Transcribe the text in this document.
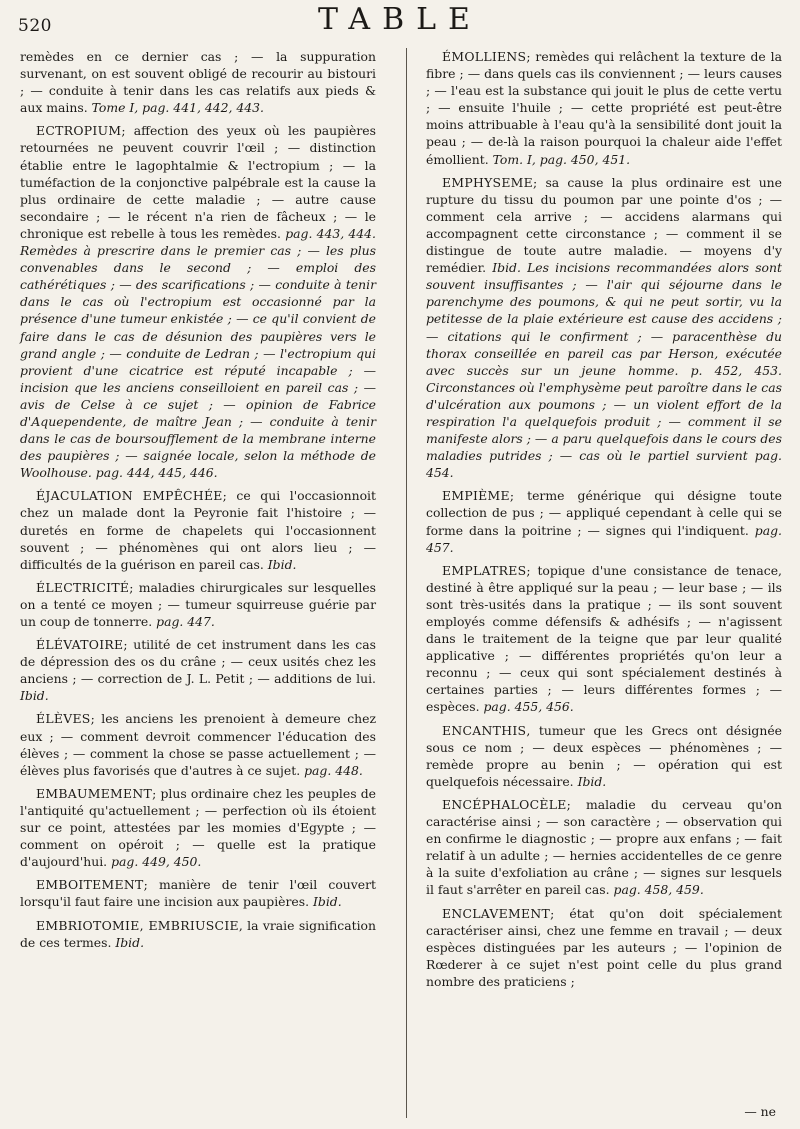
520	TABLE

remèdes en ce dernier cas ; — la suppuration survenant, on est souvent obligé de recourir au bistouri ; — conduite à tenir dans les cas relatifs aux pieds & aux mains. Tome I, pag. 441, 442, 443.

ECTROPIUM; affection des yeux où les paupières retournées ne peuvent couvrir l'œil ; — distinction établie entre le lagophtalmie & l'ectropium ; — la tuméfaction de la conjonctive palpébrale est la cause la plus ordinaire de cette maladie ; — autre cause secondaire ; — le récent n'a rien de fâcheux ; — le chronique est rebelle à tous les remèdes. pag. 443, 444. Remèdes à prescrire dans le premier cas ; — les plus convenables dans le second ; — emploi des cathérétiques ; — des scarifications ; — conduite à tenir dans le cas où l'ectropium est occasionné par la présence d'une tumeur enkistée ; — ce qu'il convient de faire dans le cas de désunion des paupières vers le grand angle ; — conduite de Ledran ; — l'ectropium qui provient d'une cicatrice est réputé incapable ; — incision que les anciens conseilloient en pareil cas ; — avis de Celse à ce sujet ; — opinion de Fabrice d'Aquependente, de maître Jean ; — conduite à tenir dans le cas de boursoufflement de la membrane interne des paupières ; — saignée locale, selon la méthode de Woolhouse. pag. 444, 445, 446.

ÉJACULATION EMPÊCHÉE; ce qui l'occasionnoit chez un malade dont la Peyronie fait l'histoire ; — duretés en forme de chapelets qui l'occasionnent souvent ; — phénomènes qui ont alors lieu ; — difficultés de la guérison en pareil cas. Ibid.

ÉLECTRICITÉ; maladies chirurgicales sur lesquelles on a tenté ce moyen ; — tumeur squirreuse guérie par un coup de tonnerre. pag. 447.

ÉLÉVATOIRE; utilité de cet instrument dans les cas de dépression des os du crâne ; — ceux usités chez les anciens ; — correction de J. L. Petit ; — additions de lui. Ibid.

ÉLÈVES; les anciens les prenoient à demeure chez eux ; — comment devroit commencer l'éducation des élèves ; — comment la chose se passe actuellement ; — élèves plus favorisés que d'autres à ce sujet. pag. 448.

EMBAUMEMENT; plus ordinaire chez les peuples de l'antiquité qu'actuellement ; — perfection où ils étoient sur ce point, attestées par les momies d'Egypte ; — comment on opéroit ; — quelle est la pratique d'aujourd'hui. pag. 449, 450.

EMBOITEMENT; manière de tenir l'œil couvert lorsqu'il faut faire une incision aux paupières. Ibid.

EMBRIOTOMIE, EMBRIUSCIE, la vraie signification de ces termes. Ibid.

ÉMOLLIENS; remèdes qui relâchent la texture de la fibre ; — dans quels cas ils conviennent ; — leurs causes ; — l'eau est la substance qui jouit le plus de cette vertu ; — ensuite l'huile ; — cette propriété est peut-être moins attribuable à l'eau qu'à la sensibilité dont jouit la peau ; — de-là la raison pourquoi la chaleur aide l'effet émollient. Tom. I, pag. 450, 451.

EMPHYSEME; sa cause la plus ordinaire est une rupture du tissu du poumon par une pointe d'os ; — comment cela arrive ; — accidens alarmans qui accompagnent cette circonstance ; — comment il se distingue de toute autre maladie. — moyens d'y remédier. Ibid. Les incisions recommandées alors sont souvent insuffisantes ; — l'air qui séjourne dans le parenchyme des poumons, & qui ne peut sortir, vu la petitesse de la plaie extérieure est cause des accidens ; — citations qui le confirment ; — paracenthèse du thorax conseillée en pareil cas par Herson, exécutée avec succès sur un jeune homme. p. 452, 453. Circonstances où l'emphysème peut paroître dans le cas d'ulcération aux poumons ; — un violent effort de la respiration l'a quelquefois produit ; — comment il se manifeste alors ; — a paru quelquefois dans le cours des maladies putrides ; — cas où le partiel survient pag. 454.

EMPIÈME; terme générique qui désigne toute collection de pus ; — appliqué cependant à celle qui se forme dans la poitrine ; — signes qui l'indiquent. pag. 457.

EMPLATRES; topique d'une consistance de tenace, destiné à être appliqué sur la peau ; — leur base ; — ils sont très-usités dans la pratique ; — ils sont souvent employés comme défensifs & adhésifs ; — n'agissent dans le traitement de la teigne que par leur qualité applicative ; — différentes propriétés qu'on leur a reconnu ; — ceux qui sont spécialement destinés à certaines parties ; — leurs différentes formes ; — espèces. pag. 455, 456.

ENCANTHIS, tumeur que les Grecs ont désignée sous ce nom ; — deux espèces — phénomènes ; — remède propre au benin ; — opération qui est quelquefois nécessaire. Ibid.

ENCÉPHALOCÈLE; maladie du cerveau qu'on caractérise ainsi ; — son caractère ; — observation qui en confirme le diagnostic ; — propre aux enfans ; — fait relatif à un adulte ; — hernies accidentelles de ce genre à la suite d'exfoliation au crâne ; — signes sur lesquels il faut s'arrêter en pareil cas. pag. 458, 459.

ENCLAVEMENT; état qu'on doit spécialement caractériser ainsi, chez une femme en travail ; — deux espèces distinguées par les auteurs ; — l'opinion de Rœderer à ce sujet n'est point celle du plus grand nombre des praticiens ;

— ne
